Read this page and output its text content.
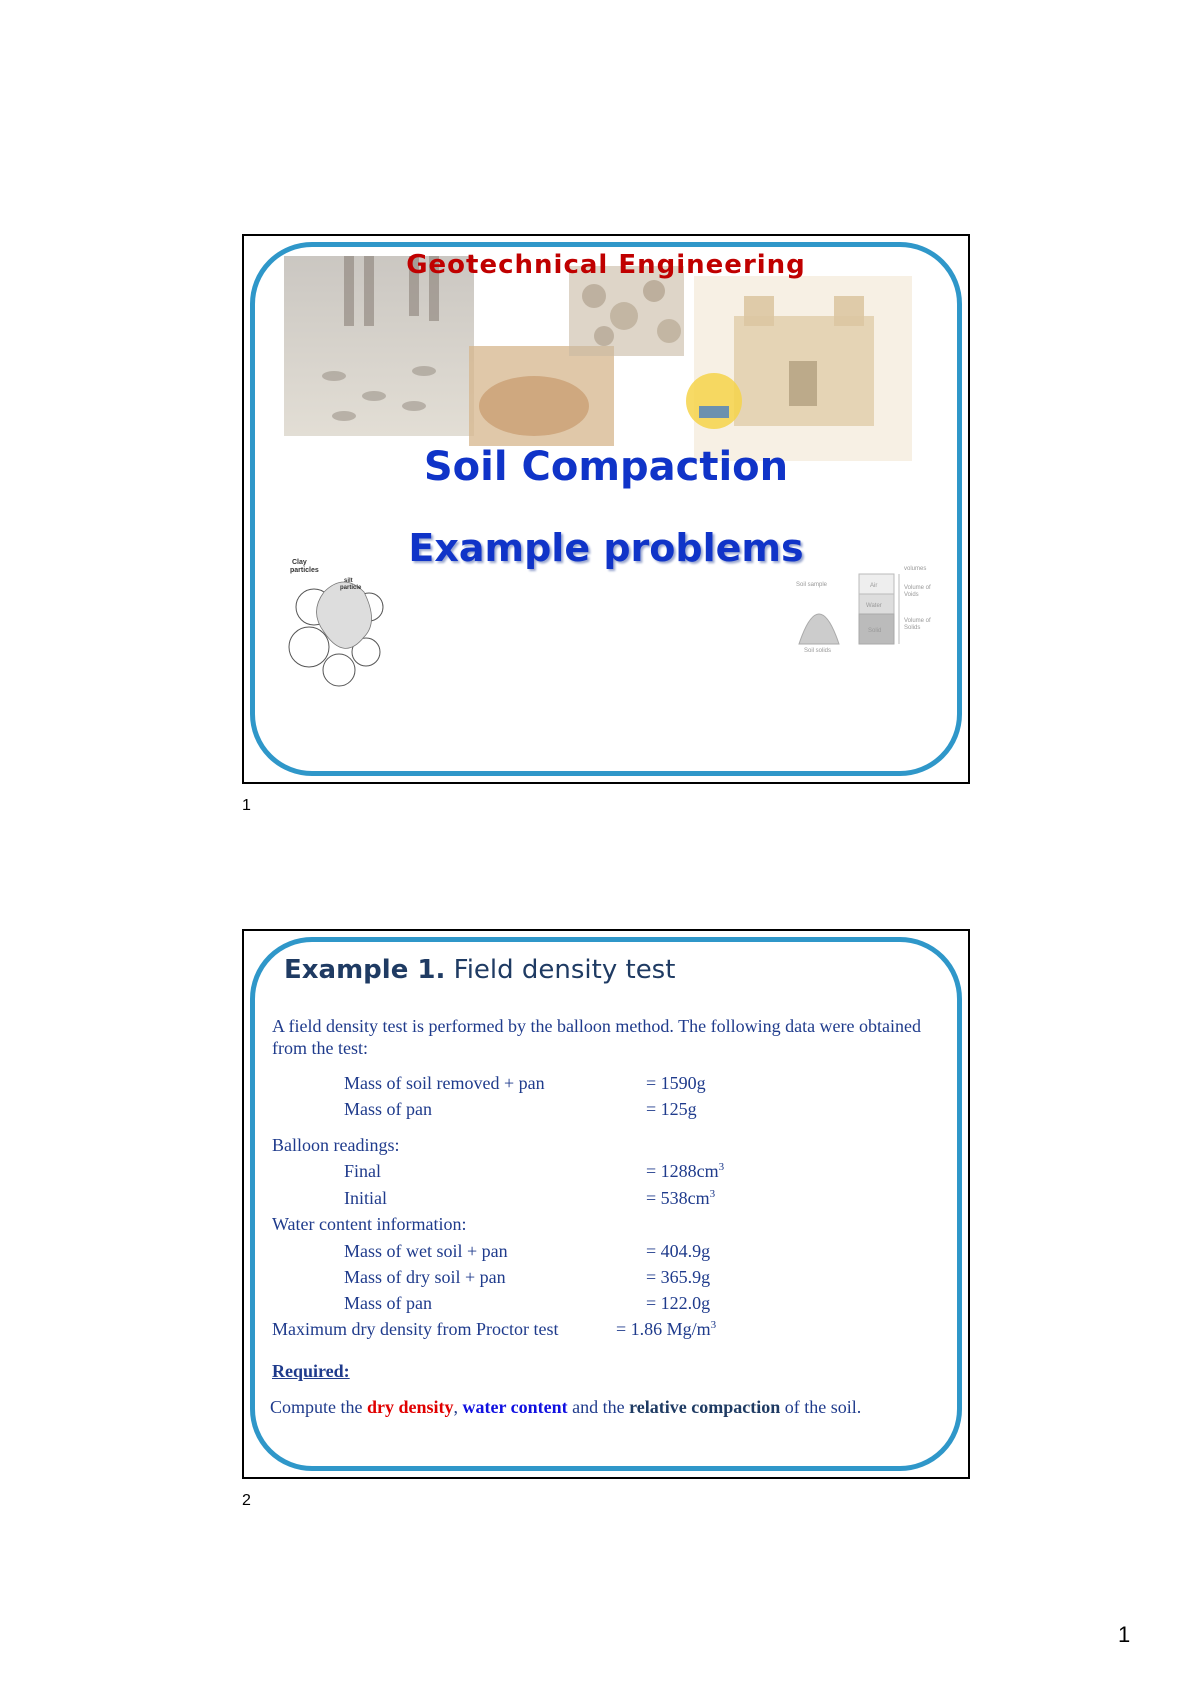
Geotechnical Engineering
Soil Compaction
Example problems
Clay
particles
silt
particle	Soil sample
Soil solids
Air
Water
Solid
volumes
Volume of
Voids
Volume of
Solids
1
Example 1. Field density test

A field density test is performed by the balloon method. The following data were obtained from the test:

Mass of soil removed + pan	= 1590g
Mass of pan	= 125g
Balloon readings:
Final	= $1288cm^3$
Initial	= $538cm^3$
Water content information:
Mass of wet soil + pan	= 404.9g
Mass of dry soil + pan	= 365.9g
Mass of pan	= 122.0g
Maximum dry density from Proctor test	= 1.86 $Mg/m^3$
Required:
Compute the dry density, water content and the relative compaction of the soil.
2
1
